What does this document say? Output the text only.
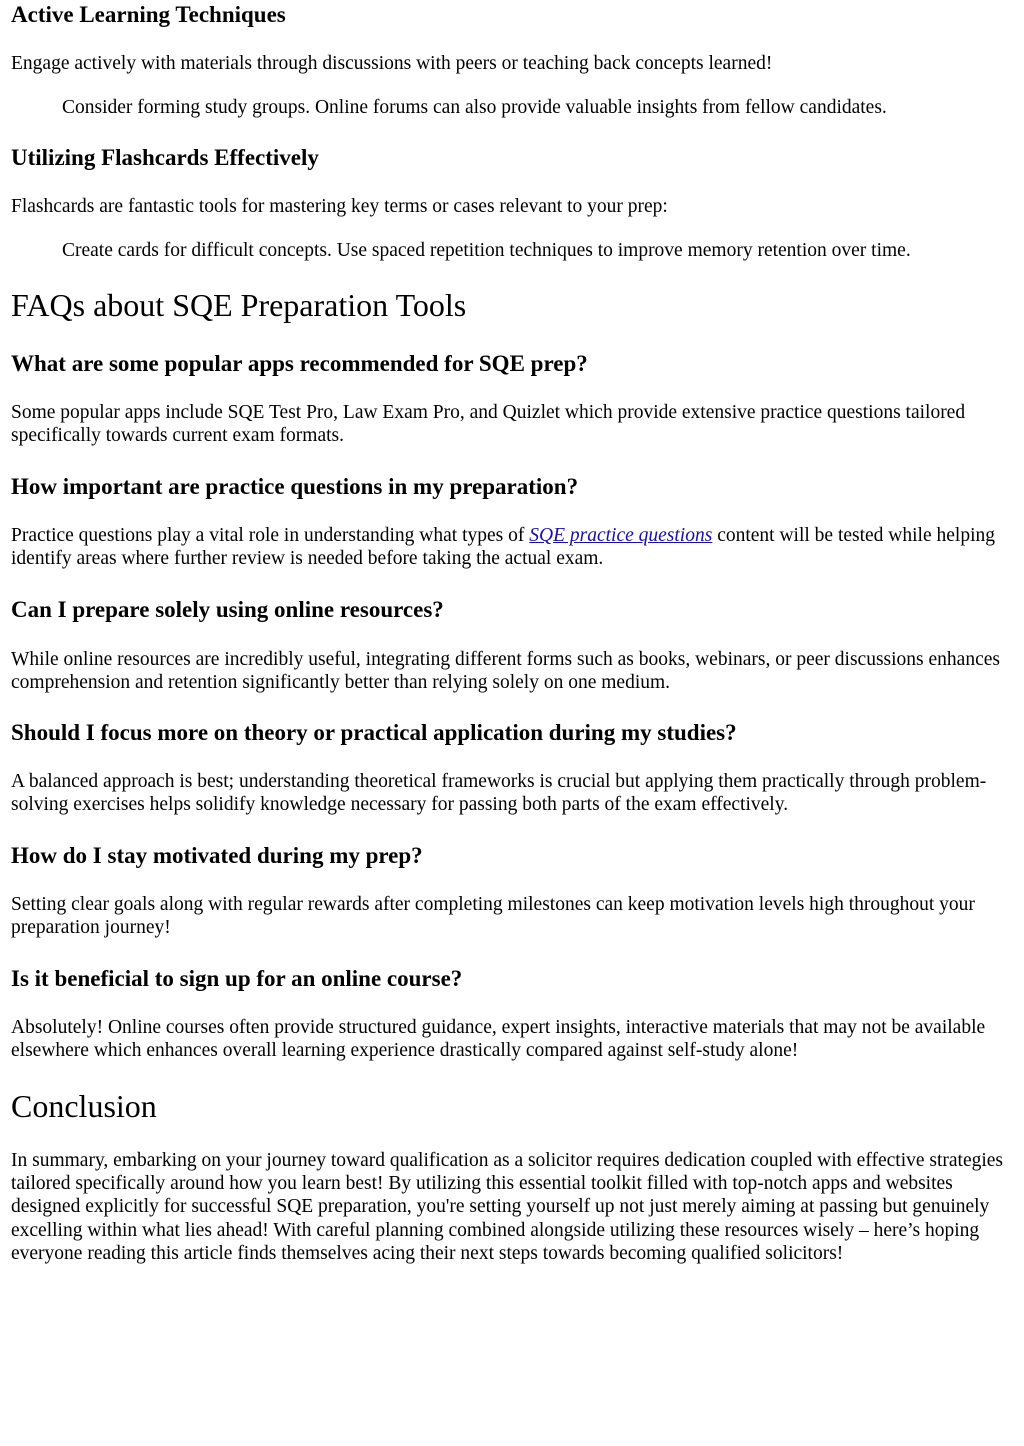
Active Learning Techniques

Engage actively with materials through discussions with peers or teaching back concepts learned!

Consider forming study groups. Online forums can also provide valuable insights from fellow candidates.

Utilizing Flashcards Effectively

Flashcards are fantastic tools for mastering key terms or cases relevant to your prep:

Create cards for difficult concepts. Use spaced repetition techniques to improve memory retention over time.

FAQs about SQE Preparation Tools
What are some popular apps recommended for SQE prep?

Some popular apps include SQE Test Pro, Law Exam Pro, and Quizlet which provide extensive practice questions tailored specifically towards current exam formats.

How important are practice questions in my preparation?

Practice questions play a vital role in understanding what types of SQE practice questions content will be tested while helping identify areas where further review is needed before taking the actual exam.

Can I prepare solely using online resources?

While online resources are incredibly useful, integrating different forms such as books, webinars, or peer discussions enhances comprehension and retention significantly better than relying solely on one medium.

Should I focus more on theory or practical application during my studies?

A balanced approach is best; understanding theoretical frameworks is crucial but applying them practically through problem-solving exercises helps solidify knowledge necessary for passing both parts of the exam effectively.

How do I stay motivated during my prep?

Setting clear goals along with regular rewards after completing milestones can keep motivation levels high throughout your preparation journey!

Is it beneficial to sign up for an online course?

Absolutely! Online courses often provide structured guidance, expert insights, interactive materials that may not be available elsewhere which enhances overall learning experience drastically compared against self-study alone!

Conclusion

In summary, embarking on your journey toward qualification as a solicitor requires dedication coupled with effective strategies tailored specifically around how you learn best! By utilizing this essential toolkit filled with top-notch apps and websites designed explicitly for successful SQE preparation, you're setting yourself up not just merely aiming at passing but genuinely excelling within what lies ahead! With careful planning combined alongside utilizing these resources wisely – here’s hoping everyone reading this article finds themselves acing their next steps towards becoming qualified solicitors!
